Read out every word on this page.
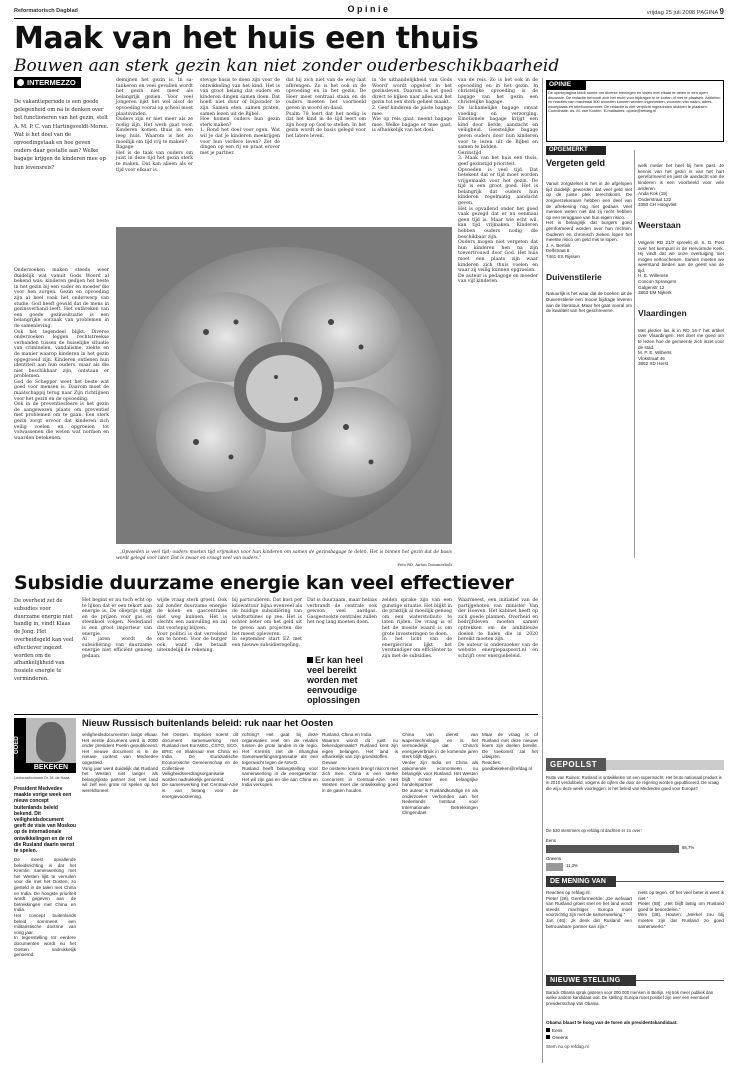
Reformatorisch Dagblad	Opinie	vrijdag 25 juli 2008 PAGINA 9
Maak van het huis een thuis
Bouwen aan sterk gezin kan niet zonder ouderbeschikbaarheid
INTERMEZZO
De vakantieperiode is een goede gelegenheid om na te denken over het functioneren van het gezin, stelt A. M. P. C. van Hartingsveldt-Moree. Wat is het doel van de opvoedingstaak en hoe geven ouders daar gestalte aan? Welke bagage krijgen de kinderen mee op hun levensreis?
Onderzoeken maken steeds weer duidelijk wat vanuit Gods Woord al bekend was: kinderen gedijen het beste in het gezin bij een vader en moeder die voor hen zorgen. Gezin en opvoeding zijn al heel vaak het onderwerp van studie. God heeft gewild dat de mens in gezinsverband leeft. Het ontbreken van een goede gezinssituatie is een belangrijke oorzaak van problemen in de samenleving.
Ook het tegendeel blijkt. Diverse onderzoeken leggen rechtstreekse verbanden tussen de huiselijke situatie van criminelen, vandalisme, ziekte en de manier waarop kinderen in het gezin opgegroeid zijn. Kinderen ontlenen hun identiteit aan hun ouders, maar als die niet beschikbaar zijn, ontstaan er problemen.
God de Schepper weet het beste wat goed voor mensen is. Daarom moet de maatschappij terug naar Zijn richtlijnen voor het gezin en de opvoeding.
Ook in de preventiesfeere is het gezin de aangewezen plaats om preventief met problemen om te gaan. Een sterk gezin zorgt ervoor dat kinderen zich veilig voelen en opgroeien tot volwassenen die weten wat normen en waarden betekenen.
demijnen het gezin is. In sa-tankeren en veel gevallen wordt het gezin niet meer als belangrijk gezien. Voor veel jongeren lijkt het wel alsof de opvoeding vooral op school moet plaatsvinden.
Ouders zijn er niet meer als ze nodig zijn. Het werk gaat voor. Kinderen komen thuis in een leeg huis. Waarom is het zo moeilijk om tijd vrij te maken?
Bagage
Het is de taak van ouders om juist in deze tijd het gezin sterk te maken. Dat kan alleen als er tijd voor elkaar is.
stevige basis te doen zijn voor de ontwikkeling van het kind. Het is van groot belang dat ouders en kinderen dingen samen doen. Dat hoeft niet duur of bijzonder te zijn. Samen eten, samen praten, samen lezen uit de Bijbel.
Hoe komen ouders hun gezin sterk maken?
1. Rond het doel voor ogen. Wat wil je dat je kinderen meekrijgen voor hun verdere leven? Zet de dingen op een rij en praat erover met je partner.
dat hij zich niet van de weg laat afbrengen. Zo is het ook in de opvoeding en in het gezin. De Heer moet centraal staan en de ouders moeten het voorbeeld geven in woord en daad.
Psalm 78 leert dat het nodig is dat het kind in de tijd leert om zijn hoop op God te stellen. In het gezin wordt de basis gelegd voor het latere leven.
in 'de uithandelijkheid van Gods Woord' wordt opgelost in het gezinsleven. Daarom is het goed direct te kijken naar alles wat het gezin tot een sterk geheel maakt.
2. Geef kinderen de juiste bagage mee.
Wie op reis gaat, neemt bagage mee. Welke bagage er mee gaat, is afhankelijk van het doel.
van de reis. Zo is het ook in de opvoeding en in het gezin. In christelijke opvoeding is de bagage van het gezin een christelijke bagage.
De lichamelijke bagage omvat voeding en verzorging. Emotionele bagage krijgt een kind door liefde, aandacht en veiligheid. Geestelijke bagage geven ouders door hun kinderen voor te lezen uit de Bijbel en samen te bidden.
Gezinstijd
3. Maak van het huis een thuis, geef gezinstijd prioriteit.
Opvoeden is veel tijd. Dat betekent dat er tijd moet worden vrijgemaakt voor het gezin. De tijd is een groot goed. Het is belangrijk dat ouders hun kinderen regelmatig aandacht geven.
Het is opvallend onder het goed vaak gezegd dat er nu eenmaal geen tijd is. Maar wie echt wil, kan tijd vrijmaken. Kinderen hebben ouders nodig die beschikbaar zijn.
Ouders mogen niet vergeten dat hun kinderen hen na zijn toevertrouwd door God. Het huis moet een plaats zijn waar kinderen zich thuis voelen en waar zij veilig kunnen opgroeien.
De auteur is pedagoge en moeder van vijf kinderen.

„Opvoeden is veel tijd; ouders moeten tijd vrijmaken voor hun kinderen om samen de gezinsbagage te delen. Het is binnen het gezin dat de basis wordt gelegd voor later. Dat is zwaar en vraagt veel van ouders.”

Foto RD, Anton Dommerholt

Subsidie duurzame energie kan veel effectiever
De overheid zet de subsidies voor duurzame energie niet handig in, vindt Klaas de Jong. Het overheidsgeld kan veel effectiever ingezet worden om de afhankelijkheid van fossiele energie te verminderen.
Het begint er nu toch echt op te lijken dat er een tekort aan energie is. De olieprijs stijgt en de prijzen voor gas en steenkool volgen. Nederland is een groot importeur van energie.
Al jaren wordt de subsidiëring van duurzame energie niet efficiënt genoeg gedaan.
wijde vraag sterk groeit. Ook zal zonder duurzame energie de kolen- en gascentrales niet weg kunnen. Het is slechts een aanvulling en zal dat voorlopig blijven.
Voor politici is dat vervelend om te horen. Voor de burger ook, want die betaalt uiteindelijk de rekening.
bij particulieren. Dat kost per kilowattuur bijna evenveel als de huidige subsidiëring van windturbines op zee. Het is echter beter om het geld uit te geven aan projecten die het meest opleveren.
In september start EZ met een nieuwe subsidieregeling.
Dat is duurzaam, maar helaas verbrandt de centrale ook gewoon veel aardgas. Gasgestookte centrales zullen het nog lang moeten doen.
Er kan heel veel bereikt worden met eenvoudige oplossingen
zelden sprake zijn van een gunstige situatie. Het blijkt in de praktijk al moeilijk genoeg om een waterstofauto te laten rijden. De vraag is of het de moeite waard is om grote investeringen te doen.
In het licht van de energiecrisis lijkt het verstandiger om efficiënter te zijn met de subsidies.
Waarmeest, een initiatief van de partijgenoten van minister Van der Hoeven. Het kabinet heeft op zich goede plannen. Overheid en bedrijfsleven moeten samen optrekken om de ambitieuze doelen te halen die in 2020 bereikt moeten zijn.
De auteur is onderzoeker van de website energiepaspoort.nl en schrijft over energiebeleid.
GOED
BEKEKEN
Lectoraat/column Dr. M. de Haas
President Medvedev maakte vorige week een nieuw concept buitenlands beleid bekend. Dit veiligheidsdocument geeft de visie van Moskou op de internationale ontwikkelingen en de rol die Rusland daarin wenst te spelen.
De meest opvallende beleidsrichting is dat het Kremlin samenwerking met het Westen lijkt te verruilen voor die met het Oosten; zo gesteld in de talen met China en India. De hoogste prioriteit wordt gegeven aan de betrekkingen met China en India.
Het concept buitenlands beleid sommeert een militaristische doctrine van vorig jaar.
In tegenstelling tot eerdere documenten wordt nu het Oosten nadrukkelijk genoemd.
Nieuw Russisch buitenlands beleid: ruk naar het Oosten
veiligheidsdocumenten langs elkaar. Het eerste document werd in 2000 onder president Poetin gepubliceerd. Het nieuwe document is in de nieuwe context van Medvedev opgesteld.
Vorig jaar werd duidelijk dat Rusland het Westen niet langer als belangrijkste partner ziet. Het land wil zelf een grote rol spelen op het wereldtoneel.
het Oosten. Expliciet noemt dit document samenwerking met Rusland met EurAsEC, CSTO, SCO, BRIC en trilateraal met China en India. De Euraziatische Economische Gemeenschap en de Collectieve Veiligheidsverdragsorganisatie worden nadrukkelijk genoemd.
De samenwerking met Centraal-Azië is van belang voor de energievoorziening.
richting? Het gaat bij deze organisaties veel om de relaties tussen de grote landen in de regio. Het Kremlin ziet de Shanghai Samenwerkingsorganisatie als een tegenwicht tegen de NAVO.
Rusland heeft belangstelling voor samenwerking in de energiesector. Het wil zijn gas en olie aan China en India verkopen.
Rusland, China en India.
Waarom wordt dit juist nu bekendgemaakt? Rusland kent zijn eigen belangen. Het land is afhankelijk van zijn grondstoffen.
Gevaar
De oosterse koers brengt risico's met zich mee. China is een sterke concurrent in Centraal-Azië. Het Westen moet die ontwikkeling goed in de gaten houden.
China van dienst van wapentechnologie en is het vermoedelijk dat China's energieverbruik in de komende jaren sterk blijft stijgen.
Verder zijn India en China als opkomende economieën nu belangrijk voor Rusland. Het Westen blijft echter een belangrijke handelspartner.
De auteur is Ruslandkundige en als onderzoeker verbonden aan het Nederlands Instituut voor Internationale Betrekkingen Clingendael.
Maar de vraag is of Rusland met deze nieuwe koers zijn doelen bereikt. De toekomst zal het uitwijzen.
Reacties: goedbekeken@refdag.nl
OPINIE
De opiniepagina biedt ruimte om diverse meningen en visies met elkaar te delen in een open discussie. De redactie behoudt zich het recht voor bijdragen in te korten of niet te plaatsen. Artikelen en reacties van maximaal 500 woorden kunnen worden ingezonden, voorzien van naam, adres, woonplaats en telefoonnummer. De redactie is niet verplicht ingezonden stukken te plaatsen. Coördinatie: ds. M. van Kooten. E-mailadres: opinie@refdag.nl
OPGEMERKT
Vergeten geld

Vanuit zorgstelsel is het in de afgelopen tijd duidelijk geworden dat veel geld niet op de juiste plek terechtkomt. De zorgverzekeraars hebben een deel van de afrekening nog niet gedaan. Veel mensen weten niet dat zij recht hebben op een teruggave van hun eigen risico.
Het is belangrijk dat burgers goed geïnformeerd worden over hun rechten. Ouderen en chronisch zieken lopen het meeste risico om geld mis te lopen.
J. A. Bertink
Delfstraat 8
7461 ES Rijssen

Duivenstilerie

Natuurlijk is het waar dat de boeken uit de Duivenstilerie een mooie bijdrage leveren aan de literatuur. Maar het gaat vooral om de kwaliteit van het geschrevene.

welk metier het heel bij hem past. Je kennis van het gezin is van het hart gereformeerd en juist de aandacht van de kinderen is een voorbeeld voor vele anderen.
Anda Kok (15)
Onderstraat 122
3350 CH Hoogvliet

Weerstaan

Volgens RD 21/7 spreekt dr. S. D. Post over het kernpunt in de Hervormde Kerk. Hij vindt dat we onze overtuiging niet mogen verloochenen. Samen moeten we weerstand bieden aan de geest van de tijd.
H. E. Willemse
Concon Sprangers
Galgenstr 12
3863 EM Nijkerk

Vlaardingen

Met plezier las ik in RD 16-7 het artikel over Vlaardingen. Het doet me goed om te lezen hoe de gemeente zich inzet voor de stad.
M. P. E. Wilberts
Vlokstraat 46
3862 XD Herst

GEPOLLST
Rutte van Ruinen: Rusland is ontwikkelen tot een supermacht. Het bruto nationaal product is in 2010 verdubbeld, volgens de cijfers die door de regering worden gepubliceerd. De vraag die wij u deze week voorleggen: is het beleid van Medvedev goed voor Europa?
De 520 stemmers op refdag.nl dachten er zo over:
Eens
88,7%
Oneens
11,3%
DE MENING VAN
Reacties op refdag.nl:
Pieter (28), Gereformeerde: „De welvaart van Rusland groeit snel en het land wordt steeds machtiger. Europa moet voorzichtig zijn met de samenwerking.”
Jan (46): „Ik denk dat Rusland een betrouwbare partner kan zijn.”
niets op tegen. Of het veel beter is weet ik niet.”
Pieter (58): „Het blijft lastig om Rusland goed te beoordelen.”
Wim (38), Houten: „Merkel zou blij moeten zijn dat Rusland zo goed samenwerkt.”
NIEUWE STELLING
Barack Obama sprak gisteren voor 200.000 mensen in Berlijn. Hij trok meer publiek dan welke andere kandidaat ooit. De stelling: Europa moet positief zijn over een eventueel presidentschap van Obama.
Obama blaast te hoog van de toren als presidentskandidaat.
Eens
Oneens
Stem nu op refdag.nl
